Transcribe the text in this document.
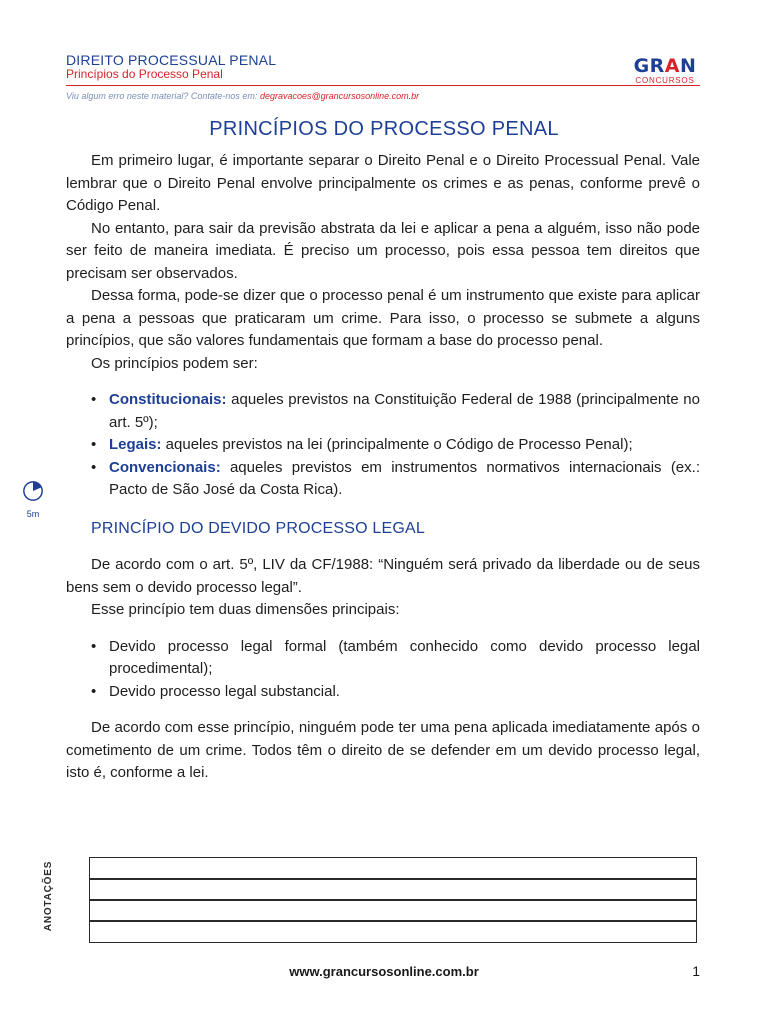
DIREITO PROCESSUAL PENAL
Princípios do Processo Penal	GRAN
CONCURSOS
Viu algum erro neste material? Contate-nos em: degravacoes@grancursosonline.com.br
PRINCÍPIOS DO PROCESSO PENAL

Em primeiro lugar, é importante separar o Direito Penal e o Direito Processual Penal. Vale lembrar que o Direito Penal envolve principalmente os crimes e as penas, conforme prevê o Código Penal.

No entanto, para sair da previsão abstrata da lei e aplicar a pena a alguém, isso não pode ser feito de maneira imediata. É preciso um processo, pois essa pessoa tem direitos que precisam ser observados.

Dessa forma, pode-se dizer que o processo penal é um instrumento que existe para aplicar a pena a pessoas que praticaram um crime. Para isso, o processo se submete a alguns princípios, que são valores fundamentais que formam a base do processo penal.

Os princípios podem ser:

• Constitucionais: aqueles previstos na Constituição Federal de 1988 (principalmente no art. 5º);
• Legais: aqueles previstos na lei (principalmente o Código de Processo Penal);
• Convencionais: aqueles previstos em instrumentos normativos internacionais (ex.: Pacto de São José da Costa Rica).
PRINCÍPIO DO DEVIDO PROCESSO LEGAL

De acordo com o art. 5º, LIV da CF/1988: “Ninguém será privado da liberdade ou de seus bens sem o devido processo legal”.

Esse princípio tem duas dimensões principais:

• Devido processo legal formal (também conhecido como devido processo legal procedimental);
• Devido processo legal substancial.

De acordo com esse princípio, ninguém pode ter uma pena aplicada imediatamente após o cometimento de um crime. Todos têm o direito de se defender em um devido processo legal, isto é, conforme a lei.

5m
ANOTAÇÕES
www.grancursosonline.com.br	1
